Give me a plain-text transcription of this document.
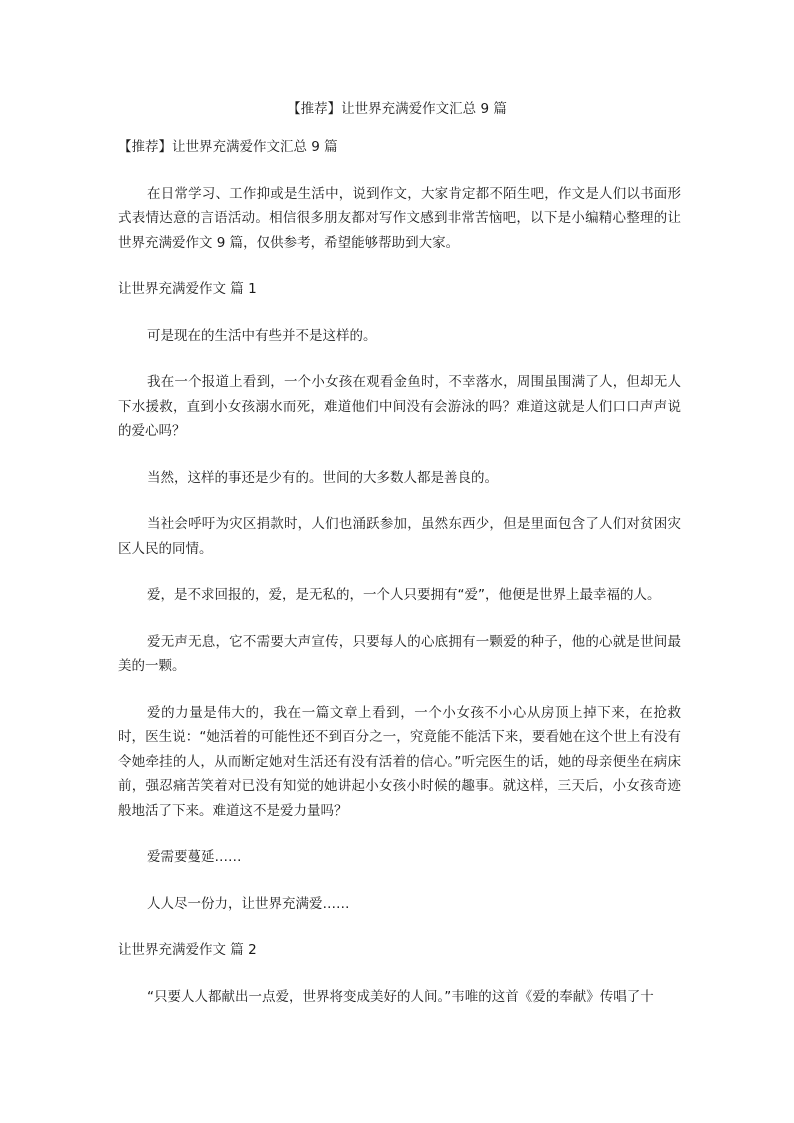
【推荐】让世界充满爱作文汇总 9 篇
【推荐】让世界充满爱作文汇总 9 篇

在日常学习、工作抑或是生活中，说到作文，大家肯定都不陌生吧，作文是人们以书面形式表情达意的言语活动。相信很多朋友都对写作文感到非常苦恼吧，以下是小编精心整理的让世界充满爱作文 9 篇，仅供参考，希望能够帮助到大家。

让世界充满爱作文 篇 1

可是现在的生活中有些并不是这样的。

我在一个报道上看到，一个小女孩在观看金鱼时，不幸落水，周围虽围满了人，但却无人下水援救，直到小女孩溺水而死，难道他们中间没有会游泳的吗？难道这就是人们口口声声说的爱心吗？

当然，这样的事还是少有的。世间的大多数人都是善良的。

当社会呼吁为灾区捐款时，人们也涌跃参加，虽然东西少，但是里面包含了人们对贫困灾区人民的同情。

爱，是不求回报的，爱，是无私的，一个人只要拥有“爱”，他便是世界上最幸福的人。

爱无声无息，它不需要大声宣传，只要每人的心底拥有一颗爱的种子，他的心就是世间最美的一颗。

爱的力量是伟大的，我在一篇文章上看到，一个小女孩不小心从房顶上掉下来，在抢救时，医生说：“她活着的可能性还不到百分之一，究竟能不能活下来，要看她在这个世上有没有令她牵挂的人，从而断定她对生活还有没有活着的信心。”听完医生的话，她的母亲便坐在病床前，强忍痛苦笑着对已没有知觉的她讲起小女孩小时候的趣事。就这样，三天后，小女孩奇迹般地活了下来。难道这不是爱力量吗？

爱需要蔓延……

人人尽一份力，让世界充满爱……

让世界充满爱作文 篇 2

“只要人人都献出一点爱，世界将变成美好的人间。”韦唯的这首《爱的奉献》传唱了十
